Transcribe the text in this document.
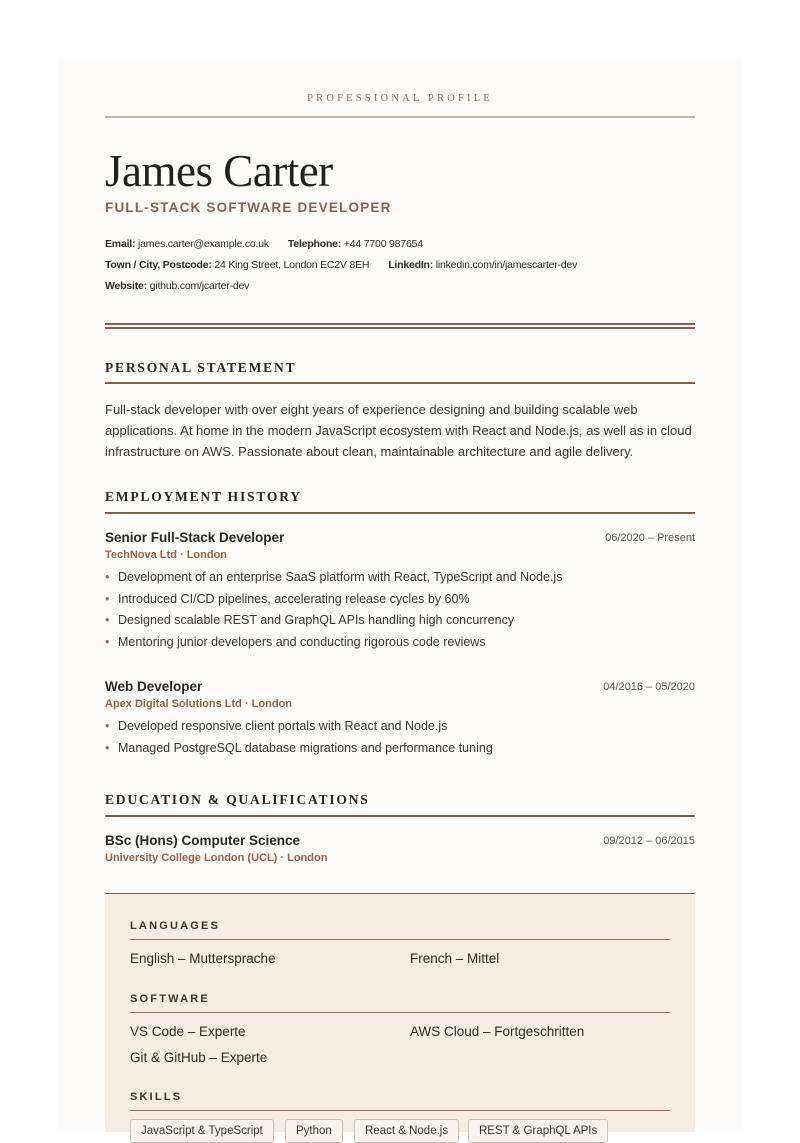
PROFESSIONAL PROFILE
James Carter
FULL-STACK SOFTWARE DEVELOPER
Email: james.carter@example.co.uk Telephone: +44 7700 987654
Town / City, Postcode: 24 King Street, London EC2V 8EH LinkedIn: linkedin.com/in/jamescarter-dev
Website: github.com/jcarter-dev
PERSONAL STATEMENT
Full-stack developer with over eight years of experience designing and building scalable web applications. At home in the modern JavaScript ecosystem with React and Node.js, as well as in cloud infrastructure on AWS. Passionate about clean, maintainable architecture and agile delivery.
EMPLOYMENT HISTORY
Senior Full-Stack Developer	06/2020 – Present
TechNova Ltd · London
• Development of an enterprise SaaS platform with React, TypeScript and Node.js
• Introduced CI/CD pipelines, accelerating release cycles by 60%
• Designed scalable REST and GraphQL APIs handling high concurrency
• Mentoring junior developers and conducting rigorous code reviews
Web Developer	04/2016 – 05/2020
Apex Digital Solutions Ltd · London
• Developed responsive client portals with React and Node.js
• Managed PostgreSQL database migrations and performance tuning
EDUCATION & QUALIFICATIONS
BSc (Hons) Computer Science	09/2012 – 06/2015
University College London (UCL) · London
LANGUAGES
English – Muttersprache	French – Mittel
SOFTWARE
VS Code – Experte	AWS Cloud – Fortgeschritten
Git & GitHub – Experte
SKILLS
JavaScript & TypeScript	Python	React & Node.js	REST & GraphQL APIs
